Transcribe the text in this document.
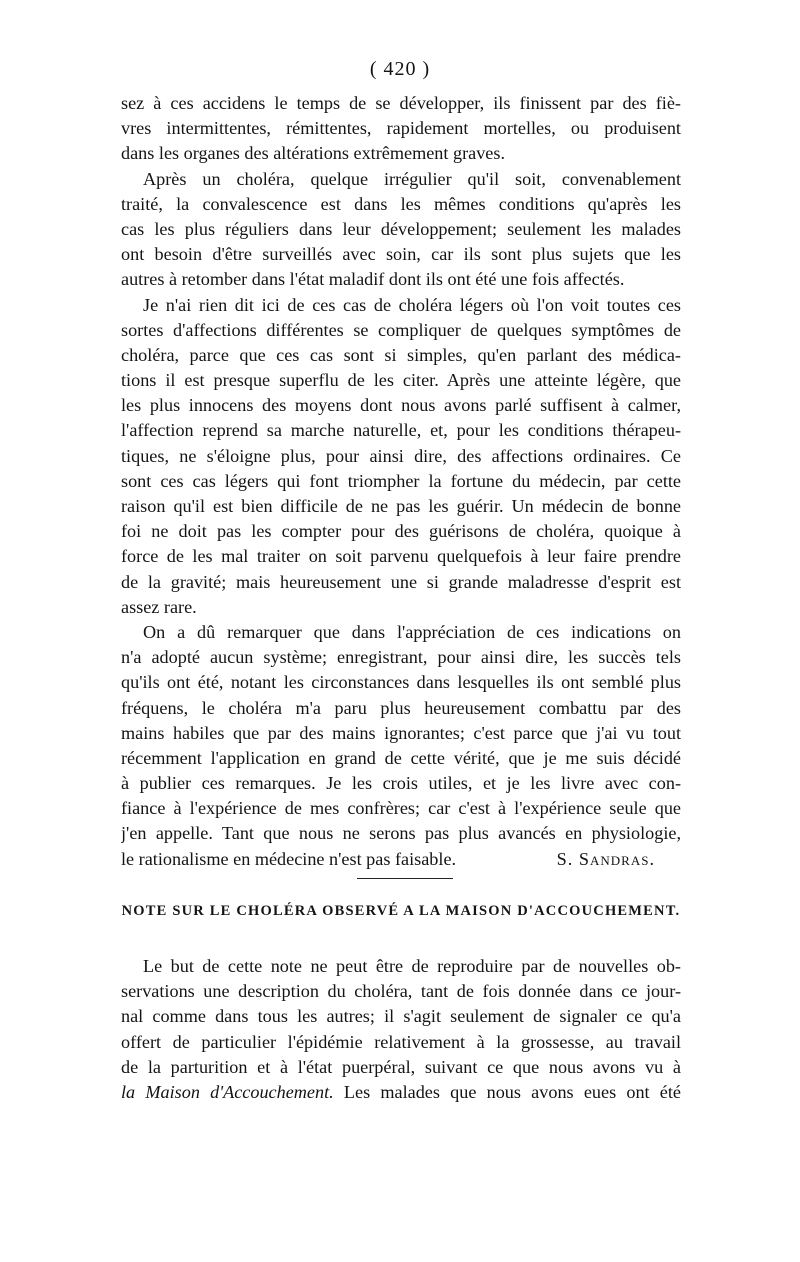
( 420 )
sez à ces accidens le temps de se développer, ils finissent par des fiè-
vres intermittentes, rémittentes, rapidement mortelles, ou produisent
dans les organes des altérations extrêmement graves.
Après un choléra, quelque irrégulier qu'il soit, convenablement
traité, la convalescence est dans les mêmes conditions qu'après les
cas les plus réguliers dans leur développement; seulement les malades
ont besoin d'être surveillés avec soin, car ils sont plus sujets que les
autres à retomber dans l'état maladif dont ils ont été une fois affectés.
Je n'ai rien dit ici de ces cas de choléra légers où l'on voit toutes ces
sortes d'affections différentes se compliquer de quelques symptômes de
choléra, parce que ces cas sont si simples, qu'en parlant des médica-
tions il est presque superflu de les citer. Après une atteinte légère, que
les plus innocens des moyens dont nous avons parlé suffisent à calmer,
l'affection reprend sa marche naturelle, et, pour les conditions thérapeu-
tiques, ne s'éloigne plus, pour ainsi dire, des affections ordinaires. Ce
sont ces cas légers qui font triompher la fortune du médecin, par cette
raison qu'il est bien difficile de ne pas les guérir. Un médecin de bonne
foi ne doit pas les compter pour des guérisons de choléra, quoique à
force de les mal traiter on soit parvenu quelquefois à leur faire prendre
de la gravité; mais heureusement une si grande maladresse d'esprit est
assez rare.
On a dû remarquer que dans l'appréciation de ces indications on
n'a adopté aucun système; enregistrant, pour ainsi dire, les succès tels
qu'ils ont été, notant les circonstances dans lesquelles ils ont semblé plus
fréquens, le choléra m'a paru plus heureusement combattu par des
mains habiles que par des mains ignorantes; c'est parce que j'ai vu tout
récemment l'application en grand de cette vérité, que je me suis décidé
à publier ces remarques. Je les crois utiles, et je les livre avec con-
fiance à l'expérience de mes confrères; car c'est à l'expérience seule que
j'en appelle. Tant que nous ne serons pas plus avancés en physiologie,
le rationalisme en médecine n'est pas faisable.	S. Sandras.
NOTE SUR LE CHOLÉRA OBSERVÉ A LA MAISON D'ACCOUCHEMENT.
Le but de cette note ne peut être de reproduire par de nouvelles ob-
servations une description du choléra, tant de fois donnée dans ce jour-
nal comme dans tous les autres; il s'agit seulement de signaler ce qu'a
offert de particulier l'épidémie relativement à la grossesse, au travail
de la parturition et à l'état puerpéral, suivant ce que nous avons vu à
la Maison d'Accouchement. Les malades que nous avons eues ont été
